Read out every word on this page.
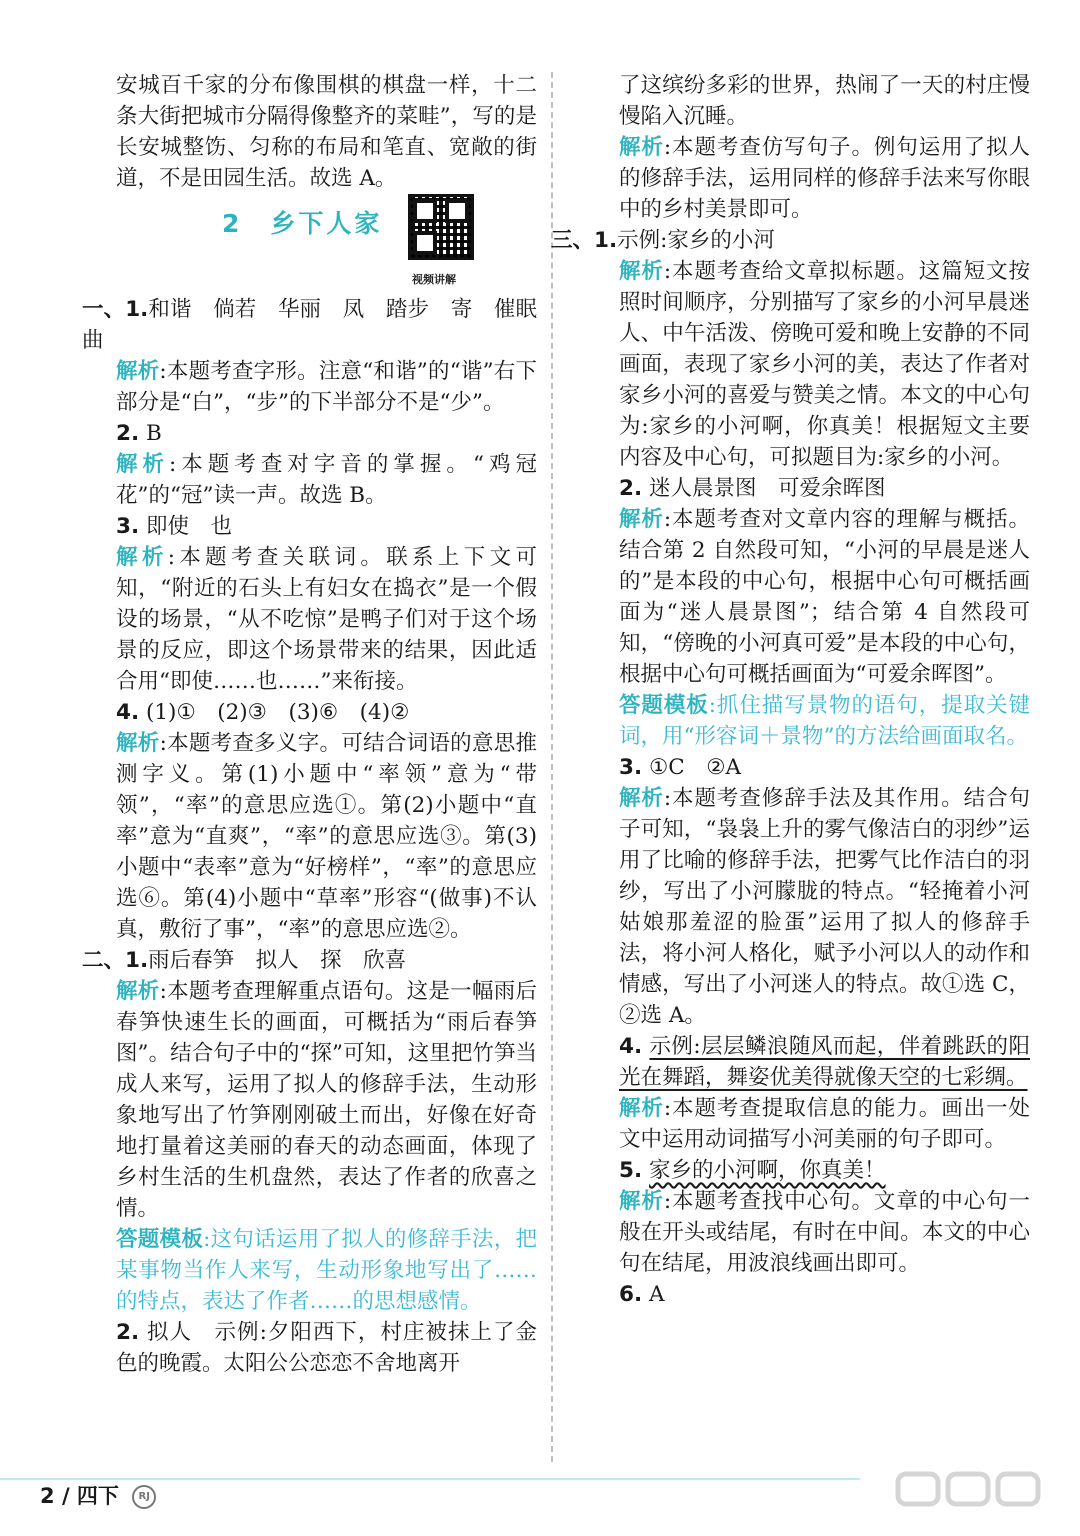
安城百千家的分布像围棋的棋盘一样，十二条大街把城市分隔得像整齐的菜畦”，写的是长安城整饬、匀称的布局和笔直、宽敞的街道，不是田园生活。故选 A。

2　 乡下人家
视频讲解

一、1.和谐　倘若　华丽　凤　踏步　寄　催眠曲

解析:本题考查字形。注意“和谐”的“谐”右下部分是“白”，“步”的下半部分不是“少”。

2. B

解析:本题考查对字音的掌握。“鸡冠花”的“冠”读一声。故选 B。

3. 即使　也

解析:本题考查关联词。联系上下文可知，“附近的石头上有妇女在捣衣”是一个假设的场景，“从不吃惊”是鸭子们对于这个场景的反应，即这个场景带来的结果，因此适合用“即使……也……”来衔接。

4. (1)①　(2)③　(3)⑥　(4)②

解析:本题考查多义字。可结合词语的意思推测字义。第(1)小题中“率领”意为“带领”，“率”的意思应选①。第(2)小题中“直率”意为“直爽”，“率”的意思应选③。第(3)小题中“表率”意为“好榜样”，“率”的意思应选⑥。第(4)小题中“草率”形容“(做事)不认真，敷衍了事”，“率”的意思应选②。

二、1.雨后春笋　拟人　探　欣喜

解析:本题考查理解重点语句。这是一幅雨后春笋快速生长的画面，可概括为“雨后春笋图”。结合句子中的“探”可知，这里把竹笋当成人来写，运用了拟人的修辞手法，生动形象地写出了竹笋刚刚破土而出，好像在好奇地打量着这美丽的春天的动态画面，体现了乡村生活的生机盘然，表达了作者的欣喜之情。

答题模板:这句话运用了拟人的修辞手法，把某事物当作人来写，生动形象地写出了……的特点，表达了作者……的思想感情。

2. 拟人　示例:夕阳西下，村庄被抹上了金色的晚霞。太阳公公恋恋不舍地离开

了这缤纷多彩的世界，热闹了一天的村庄慢慢陷入沉睡。

解析:本题考查仿写句子。例句运用了拟人的修辞手法，运用同样的修辞手法来写你眼中的乡村美景即可。

三、1.示例:家乡的小河

解析:本题考查给文章拟标题。这篇短文按照时间顺序，分别描写了家乡的小河早晨迷人、中午活泼、傍晚可爱和晚上安静的不同画面，表现了家乡小河的美，表达了作者对家乡小河的喜爱与赞美之情。本文的中心句为:家乡的小河啊，你真美！根据短文主要内容及中心句，可拟题目为:家乡的小河。

2. 迷人晨景图　可爱余晖图

解析:本题考查对文章内容的理解与概括。结合第 2 自然段可知，“小河的早晨是迷人的”是本段的中心句，根据中心句可概括画面为“迷人晨景图”；结合第 4 自然段可知，“傍晚的小河真可爱”是本段的中心句，根据中心句可概括画面为“可爱余晖图”。

答题模板:抓住描写景物的语句，提取关键词，用“形容词＋景物”的方法给画面取名。

3. ①C　②A

解析:本题考查修辞手法及其作用。结合句子可知，“袅袅上升的雾气像洁白的羽纱”运用了比喻的修辞手法，把雾气比作洁白的羽纱，写出了小河朦胧的特点。“轻掩着小河姑娘那羞涩的脸蛋”运用了拟人的修辞手法，将小河人格化，赋予小河以人的动作和情感，写出了小河迷人的特点。故①选 C，②选 A。

4. 示例:层层鳞浪随风而起，伴着跳跃的阳光在舞蹈，舞姿优美得就像天空的七彩绸。

解析:本题考查提取信息的能力。画出一处文中运用动词描写小河美丽的句子即可。

5. 家乡的小河啊，你真美！

解析:本题考查找中心句。文章的中心句一般在开头或结尾，有时在中间。本文的中心句在结尾，用波浪线画出即可。

6. A

2 / 四下 RJ
